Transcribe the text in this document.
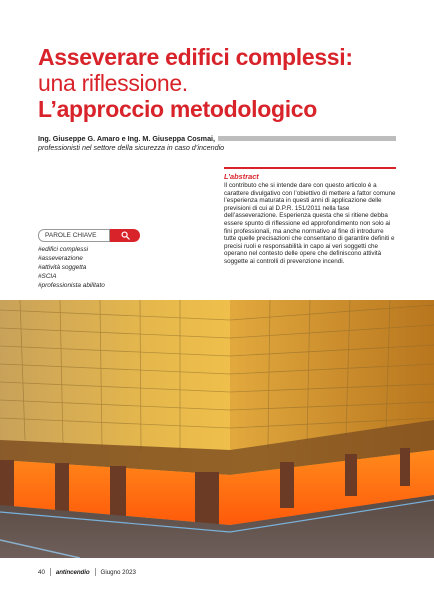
Asseverare edifici complessi:
una riflessione.
L’approccio metodologico
Ing. Giuseppe G. Amaro e Ing. M. Giuseppa Cosmai,
professionisti nel settore della sicurezza in caso d’incendio
L’abstract
Il contributo che si intende dare con questo articolo è a carattere divulgativo con l’obiettivo di mettere a fattor comune l’esperienza maturata in questi anni di applicazione delle previsioni di cui al D.P.R. 151/2011 nella fase dell’asseverazione. Esperienza questa che si ritiene debba essere spunto di riflessione ed approfondimento non solo ai fini professionali, ma anche normativo al fine di introdurre tutte quelle precisazioni che consentano di garantire definiti e precisi ruoli e responsabilità in capo ai veri soggetti che operano nel contesto delle opere che definiscono attività soggette ai controlli di prevenzione incendi.
PAROLE CHIAVE
#edifici complessi
#asseverazione
#attività soggetta
#SCIA
#professionista abilitato
40 antincendio Giugno 2023
